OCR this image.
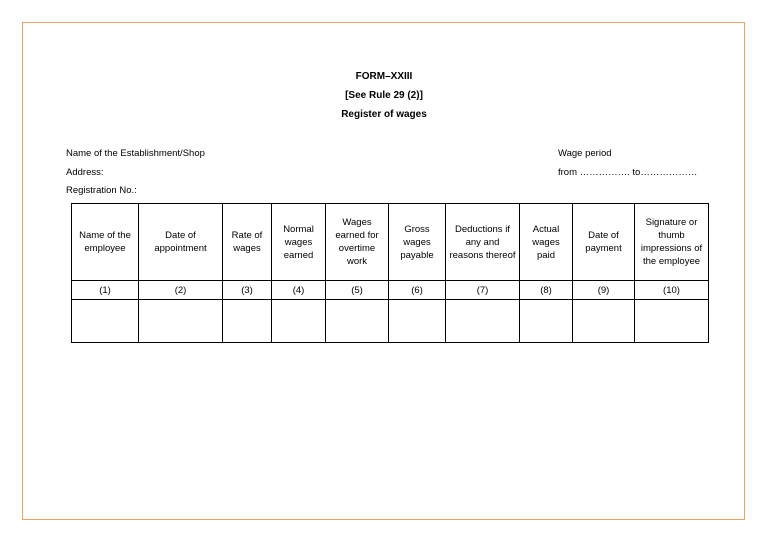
FORM–XXIII
[See Rule 29 (2)]
Register of wages
Name of the Establishment/Shop
Address:
Registration No.:
Wage period
from ……………. to………………
Name of the employee	Date of appointment	Rate of wages	Normal wages earned	Wages earned for overtime work	Gross wages payable	Deductions if any and reasons thereof	Actual wages paid	Date of payment	Signature or thumb impressions of the employee
(1)	(2)	(3)	(4)	(5)	(6)	(7)	(8)	(9)	(10)
